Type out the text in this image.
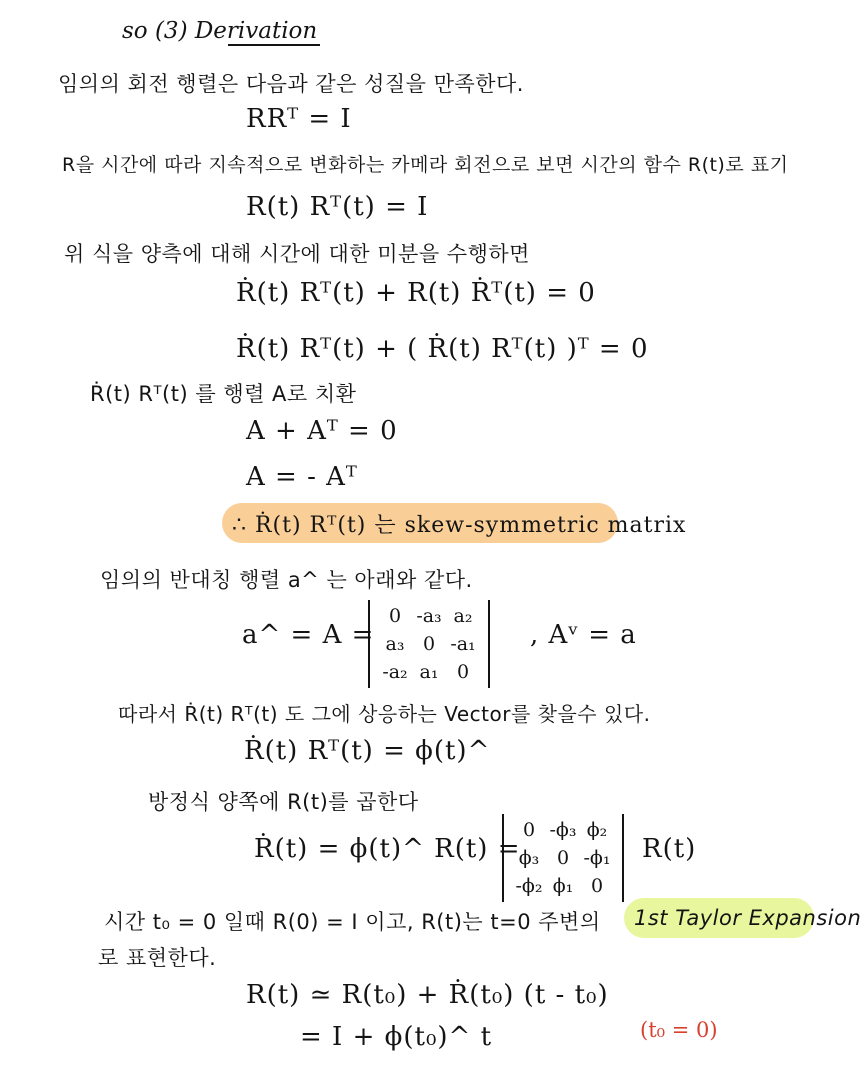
so (3) Derivation
임의의 회전 행렬은 다음과 같은 성질을 만족한다.
RRᵀ = I
R을 시간에 따라 지속적으로 변화하는 카메라 회전으로 보면 시간의 함수 R(t)로 표기
R(t) Rᵀ(t) = I
위 식을 양측에 대해 시간에 대한 미분을 수행하면
Ṙ(t) Rᵀ(t) + R(t) Ṙᵀ(t) = 0
Ṙ(t) Rᵀ(t) + ( Ṙ(t) Rᵀ(t) )ᵀ = 0
Ṙ(t) Rᵀ(t) 를 행렬 A로 치환
A + Aᵀ = 0
A = - Aᵀ
∴ Ṙ(t) Rᵀ(t) 는 skew-symmetric matrix
임의의 반대칭 행렬 a^ 는 아래와 같다.
a^ = A =
0 -a₃ a₂
a₃ 0 -a₁
-a₂ a₁ 0
, Aᵛ = a
따라서 Ṙ(t) Rᵀ(t) 도 그에 상응하는 Vector를 찾을수 있다.
Ṙ(t) Rᵀ(t) = ϕ(t)^
방정식 양쪽에 R(t)를 곱한다
Ṙ(t) = ϕ(t)^ R(t) =
0 -ϕ₃ ϕ₂
ϕ₃ 0 -ϕ₁
-ϕ₂ ϕ₁ 0
R(t)
시간 t₀ = 0 일때 R(0) = I 이고, R(t)는 t=0 주변의 1st Taylor Expansion
로 표현한다.
R(t) ≃ R(t₀) + Ṙ(t₀) (t - t₀)
= I + ϕ(t₀)^ t	(t₀ = 0)
